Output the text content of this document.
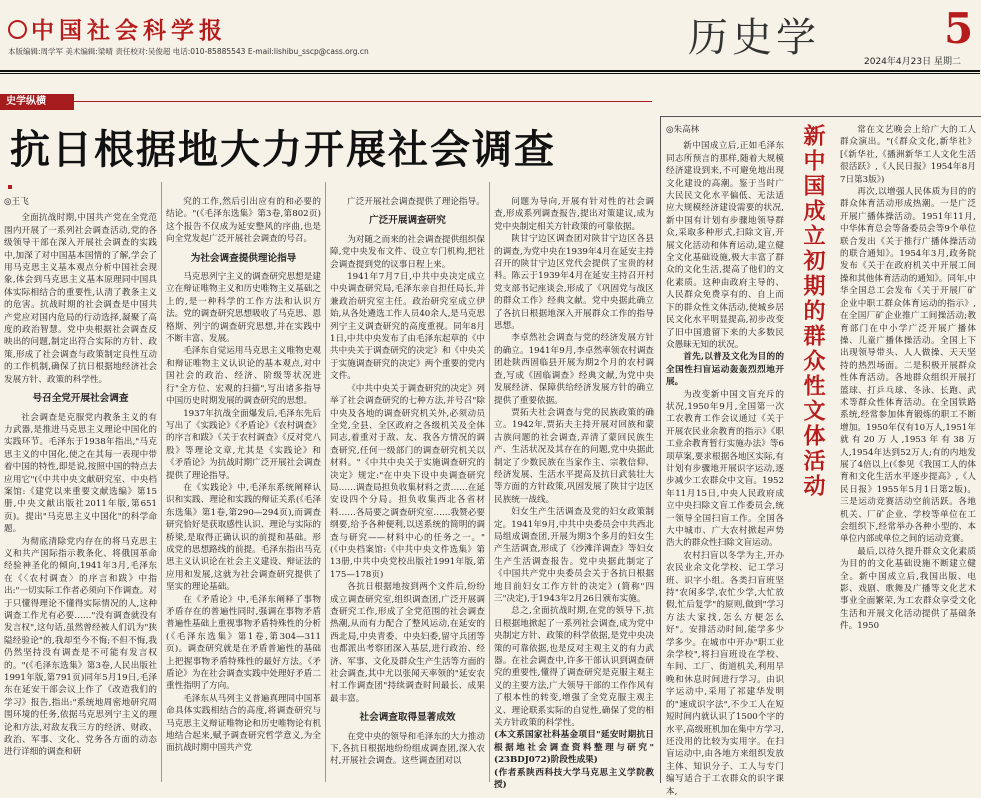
中国社会科学报
本版编辑:周学军 美术编辑:梁晴 责任校对:吴俊超 电话:010-85885543 E-mail:lishibu_sscp@cass.org.cn	历史学	5
2024年4月23日 星期二
史学纵横
抗日根据地大力开展社会调查

◎王飞

全面抗战时期,中国共产党在全党范围内开展了一系列社会调查活动,党的各级领导干部在深入开展社会调查的实践中,加深了对中国基本国情的了解,学会了用马克思主义基本观点分析中国社会现象,体会到马克思主义基本原理同中国具体实际相结合的重要性,认清了教条主义的危害。抗战时期的社会调查是中国共产党应对国内危局的行动选择,凝聚了高度的政治智慧。党中央根据社会调查反映出的问题,制定出符合实际的方针、政策,形成了社会调查与政策制定良性互动的工作机制,确保了抗日根据地经济社会发展方针、政策的科学性。

号召全党开展社会调查

社会调查是克服党内教条主义的有力武器,是推进马克思主义理论中国化的实践环节。毛泽东于1938年指出,"马克思主义的中国化,使之在其每一表现中带着中国的特性,即是说,按照中国的特点去应用它"(《中共中央文献研究室、中央档案馆:《建党以来重要文献选编》第15册,中央文献出版社2011年版,第651页)。提出"马克思主义中国化"的科学命题。

为彻底清除党内存在的将马克思主义和共产国际指示教条化、将俄国革命经验神圣化的倾向,1941年3月,毛泽东在《〈农村调查〉的序言和跋》中指出:"一切实际工作者必须向下作调查。对于只懂得理论不懂得实际情况的人,这种调查工作尤有必要……"没有调查就没有发言权",这句话,虽然曾经被人们讥为"狭隘经验论"的,我却至今不悔;不但不悔,我仍然坚持没有调查是不可能有发言权的。"(《毛泽东选集》第3卷,人民出版社1991年版,第791页)同年5月19日,毛泽东在延安干部会议上作了《改造我们的学习》报告,指出:"系统地周密地研究周围环境的任务,依据马克思列宁主义的理论和方法,对敌友我三方的经济、财政、政治、军事、文化、党务各方面的动态进行详细的调查和研

究的工作,然后引出应有的和必要的结论。"(《毛泽东选集》第3卷,第802页)这个报告不仅成为延安整风的序曲,也是向全党发起广泛开展社会调查的号召。

为社会调查提供理论指导

马克思列宁主义的调查研究思想是建立在辩证唯物主义和历史唯物主义基础之上的,是一种科学的工作方法和认识方法。党的调查研究思想吸收了马克思、恩格斯、列宁的调查研究思想,并在实践中不断丰富、发展。

毛泽东自觉运用马克思主义唯物史观和辩证唯物主义认识论的基本观点,对中国社会的政治、经济、阶级等状况进行"全方位、宏观的扫描",写出诸多指导中国历史时期发展的调查研究的思想。

1937年抗战全面爆发后,毛泽东先后写出了《实践论》《矛盾论》《农村调查》的序言和跋》《关于农村调查》《反对党八股》等理论文章,尤其是《实践论》和《矛盾论》为抗战时期广泛开展社会调查提供了理论指导。

在《实践论》中,毛泽东系统阐释认识和实践、理论和实践的辩证关系(《毛泽东选集》第1卷,第290—294页),而调查研究恰好是获取感性认识、理论与实际的桥梁,是取得正确认识的前提和基础。形成党的思想路线的前提。毛泽东指出马克思主义认识论在社会主义建设、辩证法的应用和发展,这就为社会调查研究提供了坚实的理论基础。

在《矛盾论》中,毛泽东阐释了事物矛盾存在的普遍性同时,强调在事物矛盾普遍性基础上重视事物矛盾特殊性的分析(《毛泽东选集》第1卷,第304—311页)。调查研究就是在矛盾普遍性的基础上把握事物矛盾特殊性的最好方法。《矛盾论》为在社会调查实践中处理好矛盾二重性指明了方向。

毛泽东从马列主义普遍真理同中国革命具体实践相结合的高度,将调查研究与马克思主义辩证唯物论和历史唯物论有机地结合起来,赋予调查研究哲学意义,为全面抗战时期中国共产党

广泛开展社会调查提供了理论指导。

广泛开展调查研究

为对随之而来的社会调查提供组织保障,党中央发布文件、设立专门机构,把社会调查提到党的议事日程上来。

1941年7月7日,中共中央决定成立中央调查研究局,毛泽东亲自担任局长,并兼政治研究室主任。政治研究室成立伊始,从各处遴选工作人员40余人,是马克思列宁主义调查研究的高度重视。同年8月1日,中共中央发布了由毛泽东起草的《中共中央关于调查研究的决定》和《中央关于实施调查研究的决定》两个重要的党内文件。

《中共中央关于调查研究的决定》列举了社会调查研究的七种方法,并号召"除中央及各地的调查研究机关外,必须动员全党,全县、全区政府之各级机关及全体同志,着重对于敌、友、我各方情况的调查研究,任何一级部门的调查研究机关以材料。"《中共中央关于实施调查研究的决定》规定:"在中央下设中央调查研究局……调查局担负收集材料之责……在延安设四个分局。担负收集西北各省材料……各局要之调查研究室……我赞必要纲要,给予各种便利,以送系统的简明的调查与研究——材料中心的任务之一。"(《中央档案馆:《中共中央文件选集》第13册,中共中央党校出版社1991年版,第175—178页)

各抗日根据地按到两个文件后,纷纷成立调查研究室,组织调查团,广泛开展调查研究工作,形成了全党范围的社会调查热潮,从而有力配合了整风运动,在延安的西北局,中央青委、中央妇委,留守兵团等也都派出考察团深入基层,进行政治、经济、军事、文化及群众生产生活等方面的社会调查,其中尤以张闻天率领的"延安农村工作调查团"持续调查时间最长、成果最丰富。

社会调查取得显著成效

在党中央的领导和毛泽东的大力推动下,各抗日根据地纷纷组成调查团,深入农村,开展社会调查。这些调查团对以

问题为导向,开展有针对性的社会调查,形成系列调查报告,提出对策建议,成为党中央制定相关方针政策的可靠依据。

陕甘宁边区调查团对陕甘宁边区各县的调查,为党中央在1939年4月在延安主持召开的陕甘宁边区党代会提供了宝贵的材料。陈云于1939年4月在延安主持召开村党支部书记座谈会,形成了《巩固党与战区的群众工作》经典文献。党中央据此确立了各抗日根据地深入开展群众工作的指导思想。

李卓然社会调查与党的经济发展方针的确立。1941年9月,李卓然率领农村调查团赴陕西固临县开展为期2个月的农村调查,写成《固临调查》经典文献,为党中央发展经济、保障供给经济发展方针的确立提供了重要依据。

贾拓夫社会调查与党的民族政策的确立。1942年,贾拓夫主持开展对回族和蒙古族问题的社会调查,弄清了蒙回民族生产、生活状况及其存在的问题,党中央据此制定了少数民族在当家作主、宗教信仰、经济发展、生活水平提高及抗日武装壮大等方面的方针政策,巩固发展了陕甘宁边区民族统一战线。

妇女生产生活调查及党的妇女政策制定。1941年9月,中共中央委员会中共西北局组成调查团,开展为期3个多月的妇女生产生活调查,形成了《沙滩洋调查》等妇女生产生活调查报告。党中央据此制定了《中国共产党中央委员会关于各抗日根据地目前妇女工作方针的决定》(简称"四三"决定),于1943年2月26日颁布实施。

总之,全面抗战时期,在党的领导下,抗日根据地掀起了一系列社会调查,成为党中央制定方针、政策的科学依据,是党中央决策的可靠依据,也是反对主观主义的有力武器。在社会调查中,许多干部认识到调查研究的重要性,懂得了调查研究是克服主观主义的主要方法,广大领导干部的工作作风有了根本性的转变,增强了全党克服主观主义、理论联系实际的自觉性,确保了党的相关方针政策的科学性。

(本文系国家社科基金项目"延安时期抗日根据地社会调查资料整理与研究"(23BDJ072)阶段性成果)

(作者系陕西科技大学马克思主义学院教授)

◎朱高林

新中国成立后,正如毛泽东同志所预言的那样,随着大规模经济建设到来,不可避免地出现文化建设的高潮。鉴于当时广大民民文化水平偏低、无法适应大规模经济建设需要的状况,新中国有计划有步骤地领导群众,采取多种形式,扫除文盲,开展文化活动和体育运动,建立健全文化基础设施,极大丰富了群众的文化生活,提高了他们的文化素质。这种由政府主导的、人民群众免费享有的、自上而下的群众性文体活动,使城乡居民文化水平明显提高,初步改变了旧中国遗留下来的大多数民众愚昧无知的状况。

首先,以普及文化为目的的全国性扫盲运动轰轰烈烈地开展。

为改变新中国文盲充斥的状况,1950年9月,全国第一次工农教育工作会议通过《关于开展农民业余教育的指示》《职工业余教育暂行实施办法》等6项草案,要求根据各地区实际,有计划有步骤地开展识字运动,逐步减少工农群众中文盲。1952年11月15日,中央人民政府成立中央扫除文盲工作委员会,统一领导全国扫盲工作。全国各大中城市、广大农村掀起声势浩大的群众性扫除文盲运动。

农村扫盲以冬学为主,开办农民业余文化学校、记工学习班、识字小组。各类扫盲班坚持"农闲多学,农忙少学,大忙放假,忙后复学"的原则,做到"学习方法大家找,怎么方便怎么好"。安排活动时间,能学多少学多少。在城市中开办"职工业余学校",将扫盲班设在学校、车间、工厂、街道机关,利用早晚和休息时间进行学习。由识字运动中,采用了祁建华发明的"速成识字法",不少工人在短短时间内就认识了1500个字的水平,高级班机加在集中方学习,还没用的比较为实用字。在扫盲运动中,由各地方来组织发放主体、知识分子、工人与专门编写适合于工农群众的识字课本,

新中国成立初期的群众性文体活动	常在文艺晚会上给广大的工人群众演出。"(《群众文化,新华社》[《新华社,《播洲新华工人文化生活很活跃》,《人民日报》1954年8月7日第3版》)

再次,以增强人民体质为目的的群众体育活动形成热潮。一是广泛开展广播体操活动。1951年11月,中华体育总会等备委员会等9个单位联合发出《关于推行广播体操活动的联合通知》。1954年3月,政务院发布《关于在政府机关中开展工间操和其他体育活动的通知》。同年,中华全国总工会发布《关于开展厂矿企业中职工群众体育运动的指示》,在全国厂矿企业推广工间操活动;教育部门在中小学广泛开展广播体操、儿童广播体操活动。全国上下出现领导带头、人人做操、天天坚持的热烈场面。二是积极开展群众性体育活动。各地群众组织开展打篮球、打乒乓球、冬泳、长跑、武术等群众性体育活动。在全国铁路系统,经常参加体育锻炼的职工不断增加。1950年仅有10万人,1951年就有20万人,1953年有38万人,1954年达到52万人;有的内地发展了4倍以上(《参见《我国工人的体育和文化生活水平逐步提高》,《人民日报》1955年5月1日第2版)。三是运动竞赛活动空前活跃。各地机关、厂矿企业、学校等单位在工会组织下,经常举办各种小型的、本单位内部或单位之间的运动竞赛。

最后,以待久提升群众文化素质为目的的文化基础设施不断建立健全。新中国成立后,我国出版、电影、戏剧、歌舞及广播等文化艺术事业全面繁荣,为工农群众享受文化生活和开展文化活动提供了基础条件。1950
